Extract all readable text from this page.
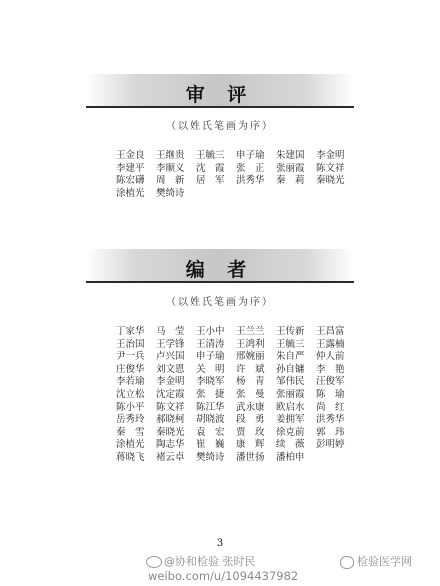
审 评
（以姓氏笔画为序）
王金良	王继贵	王毓三	申子瑜	朱建国	李金明
李建平	李顺义	沈　霞	张　正	张丽霞	陈文祥
陈宏礴	周　新	居　军	洪秀华	秦　莉	秦晓光
涂植光	樊绮诗
编 者
（以姓氏笔画为序）
丁家华	马　莹	王小中	王兰兰	王传新	王昌富
王治国	王学锋	王清涛	王鸿利	王毓三	王露楠
尹一兵	卢兴国	申子瑜	邢婉丽	朱自严	仲人前
庄俊华	刘文恩	关　明	许　斌	孙自镛	李　艳
李若瑜	李金明	李晓军	杨　青	邹伟民	汪俊军
沈立松	沈定霞	张　捷	张　曼	张丽霞	陈　瑜
陈小平	陈文祥	陈江华	武永康	欧启水	尚　红
岳秀玲	郝晓柯	胡晓波	段　勇	姜拥军	洪秀华
秦　雪	秦晓光	袁　宏	贾　玫	徐克前	郭　玮
涂植光	陶志华	崔　巍	康　辉	续　薇	彭明婷
蒋晓飞	褚云卓	樊绮诗	潘世扬	潘柏申
3
@协和检验 张时民
weibo.com/u/1094437982
检验医学网
